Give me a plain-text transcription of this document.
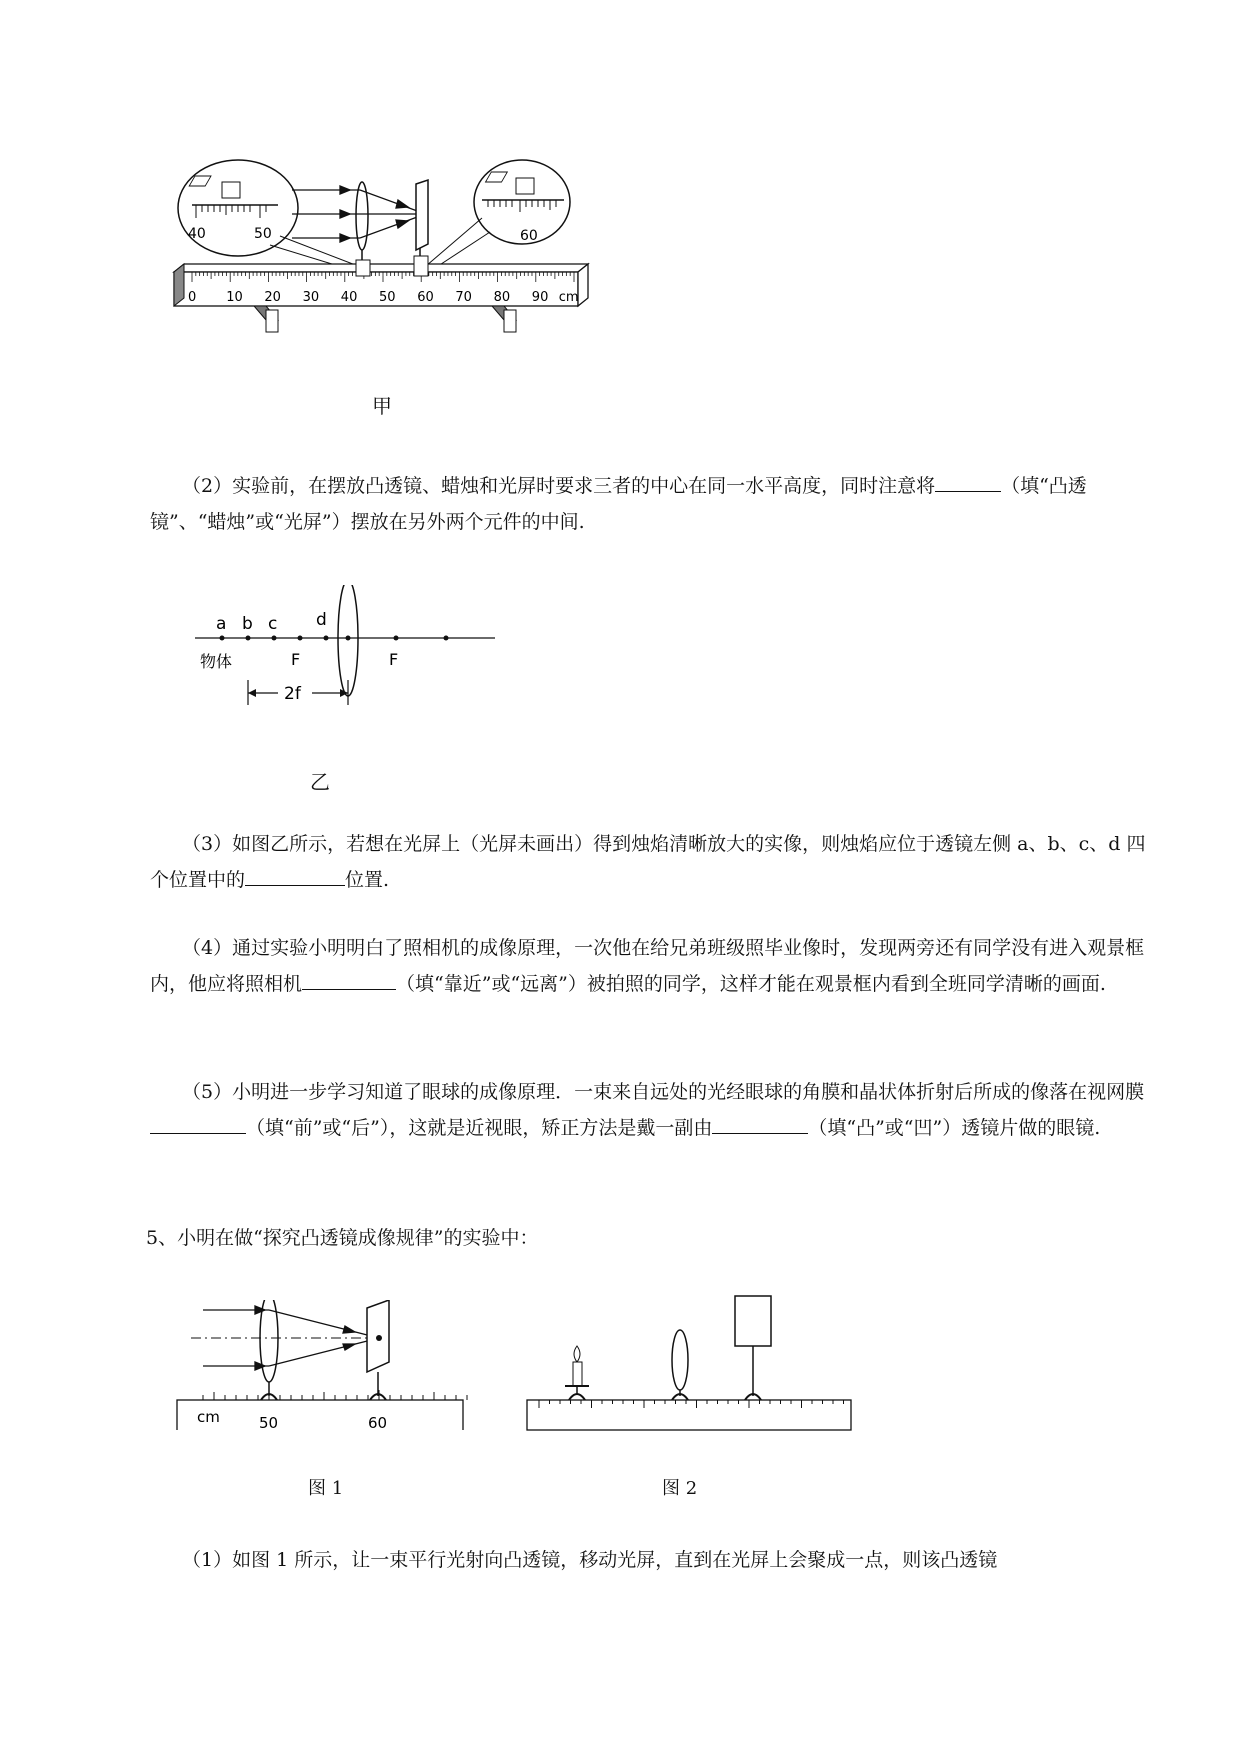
40	50	60
0 10 20 30 40 50 60 70 80 90 cm
甲

（2）实验前，在摆放凸透镜、蜡烛和光屏时要求三者的中心在同一水平高度，同时注意将	（填“凸透镜”、“蜡烛”或“光屏”）摆放在另外两个元件的中间.

a b c d
物体	F	F
2f
乙

（3）如图乙所示，若想在光屏上（光屏未画出）得到烛焰清晰放大的实像，则烛焰应位于透镜左侧 a、b、c、d 四个位置中的	位置.

（4）通过实验小明明白了照相机的成像原理，一次他在给兄弟班级照毕业像时，发现两旁还有同学没有进入观景框内，他应将照相机	（填“靠近”或“远离”）被拍照的同学，这样才能在观景框内看到全班同学清晰的画面.

（5）小明进一步学习知道了眼球的成像原理．一束来自远处的光经眼球的角膜和晶状体折射后所成的像落在视网膜（填“前”或“后”），这就是近视眼，矫正方法是戴一副由	（填“凸”或“凹”）透镜片做的眼镜.

5、小明在做“探究凸透镜成像规律”的实验中：

cm	50	60
图 1	图 2

（1）如图 1 所示，让一束平行光射向凸透镜，移动光屏，直到在光屏上会聚成一点，则该凸透镜
